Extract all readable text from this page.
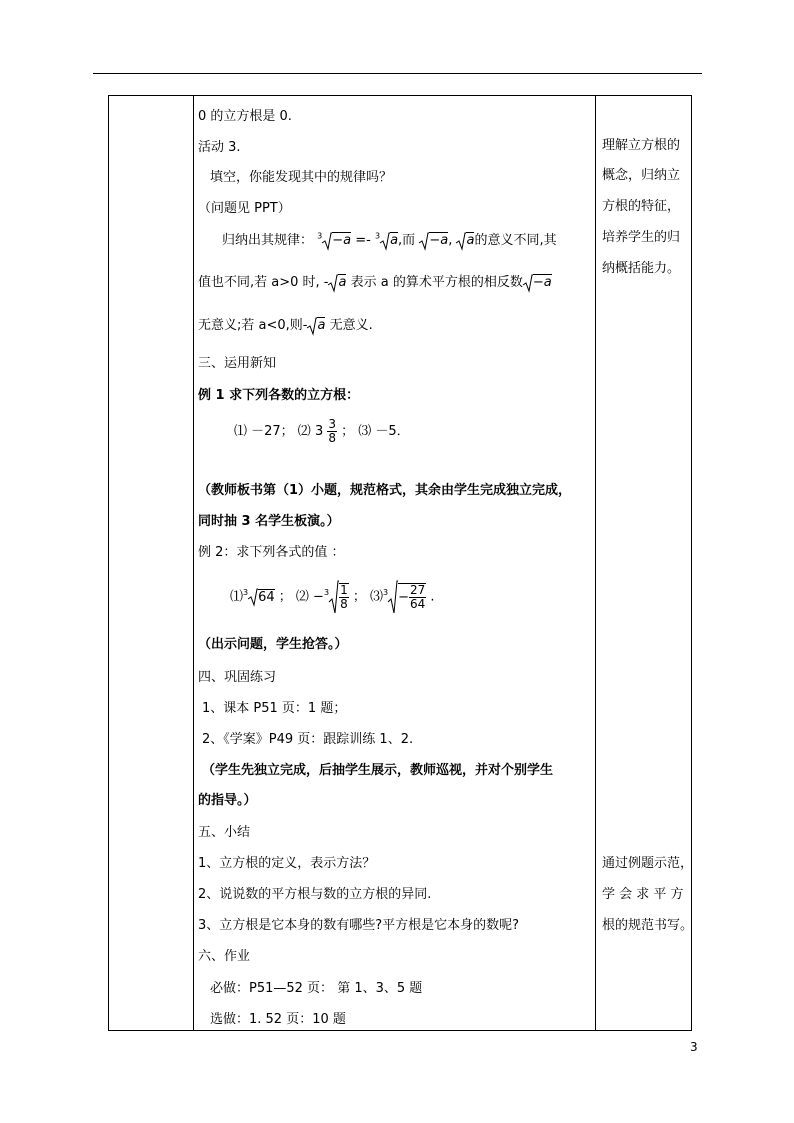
0 的立方根是 0.
活动 3.
填空，你能发现其中的规律吗？
（问题见 PPT）
归纳出其规律： $^3$ −a =- $^3$ a,而 −a, a的意义不同,其
值也不同,若 a>0 时, - a 表示 a 的算术平方根的相反数 −a
无意义;若 a<0,则- a 无意义.
三、运用新知
例 1 求下列各数的立方根：
⑴ －27； ⑵ $3 \frac{3}{8}$ ； ⑶ －5．
（教师板书第（1）小题，规范格式，其余由学生完成独立完成，
同时抽 3 名学生板演。）
例 2：求下列各式的值 ：
⑴$^3$ 64 ； ⑵ $-^3 \frac{1}{8}$ ； ⑶$^3$ − $\frac{27}{64}$ .
（出示问题，学生抢答。）
四、巩固练习
1、课本 P51 页：1 题；
2、《学案》P49 页：跟踪训练 1、2.
（学生先独立完成，后抽学生展示，教师巡视，并对个别学生
的指导。）
五、小结
1、立方根的定义，表示方法？
2、说说数的平方根与数的立方根的异同.
3、立方根是它本身的数有哪些?平方根是它本身的数呢?
六、作业
必做：P51—52 页： 第 1、3、5 题
选做：1. 52 页：10 题

理解立方根的
概念，归纳立
方根的特征，
培养学生的归
纳概括能力。
通过例题示范，
学 会 求 平 方
根的规范书写。
3
